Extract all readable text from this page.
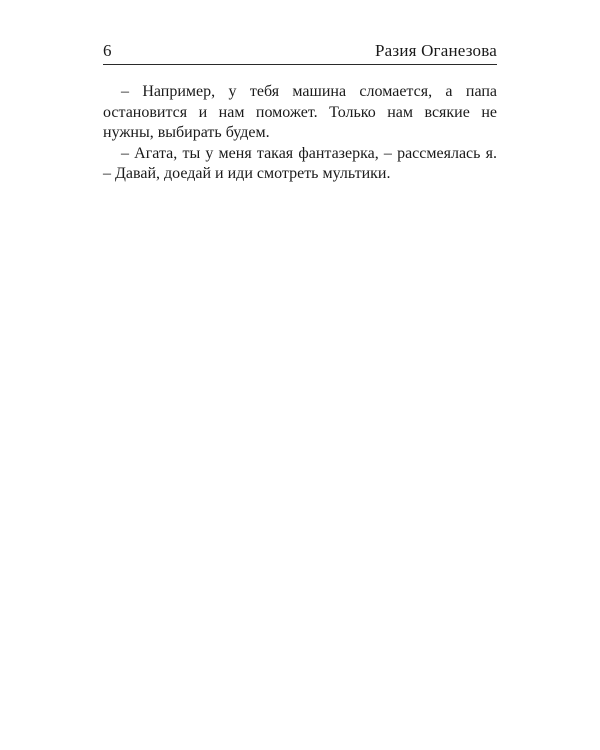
6	Разия Оганезова

– Например, у тебя машина сломается, а папа остановится и нам поможет. Только нам всякие не нужны, выбирать будем.

– Агата, ты у меня такая фантазерка, – рассмеялась я. – Давай, доедай и иди смотреть мультики.
